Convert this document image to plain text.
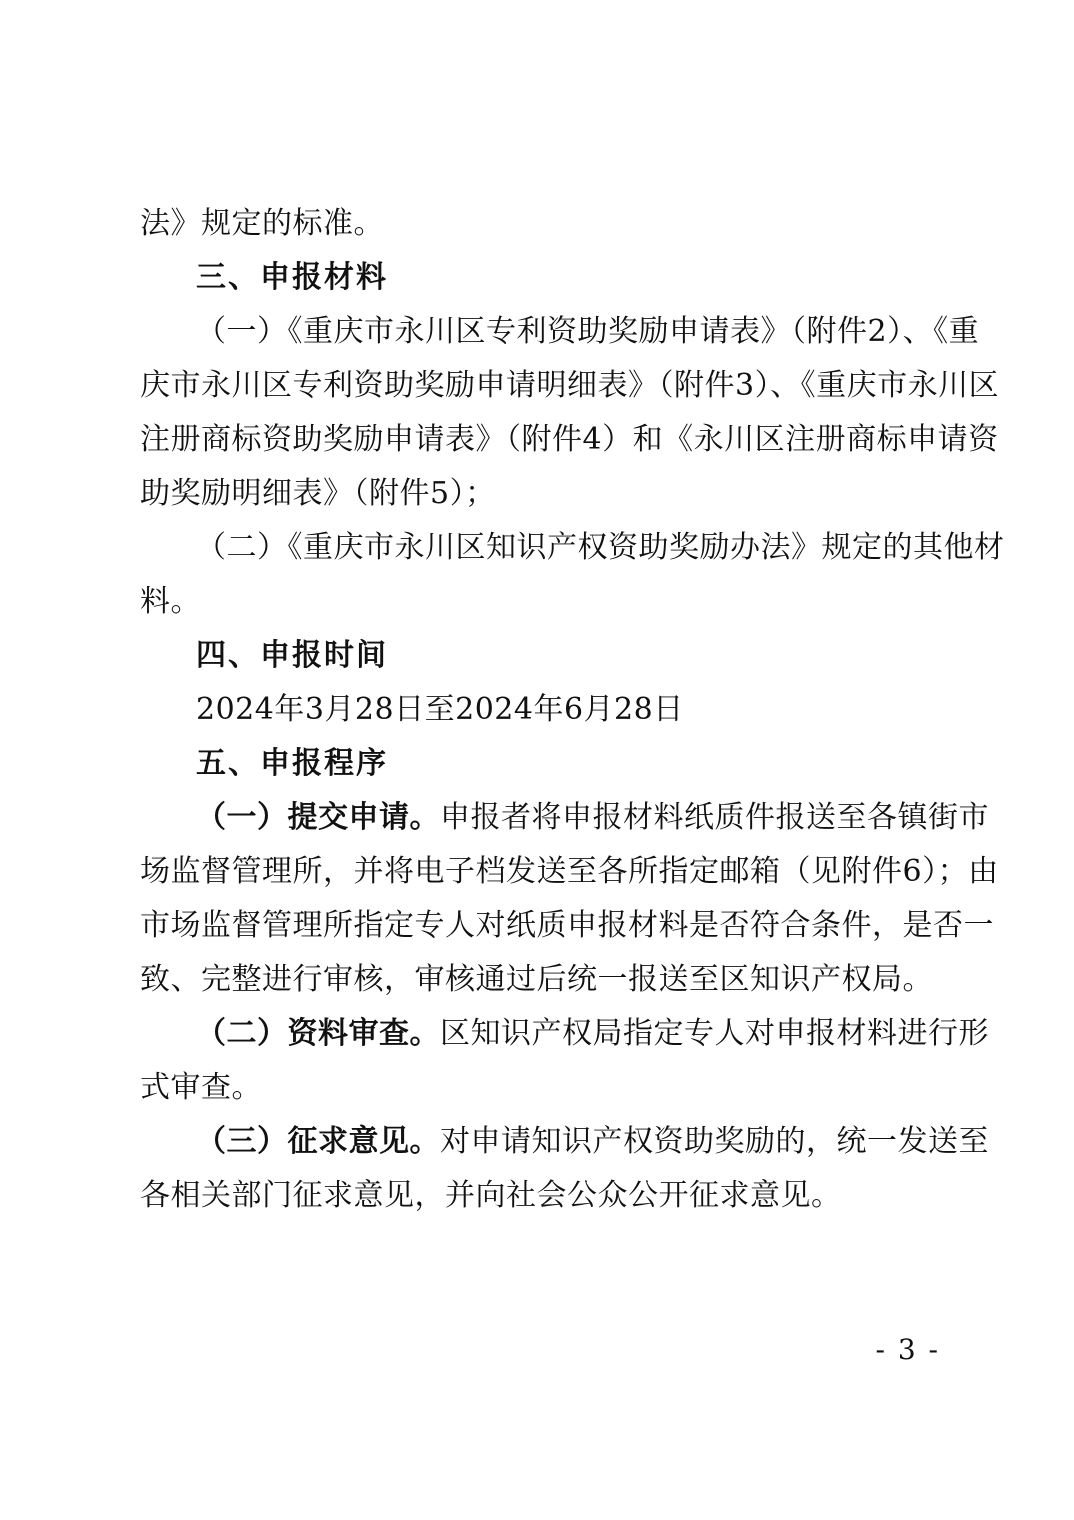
法》规定的标准。
三、申报材料
（一）《重庆市永川区专利资助奖励申请表》（附件2）、《重
庆市永川区专利资助奖励申请明细表》（附件3）、《重庆市永川区
注册商标资助奖励申请表》（附件4）和《永川区注册商标申请资
助奖励明细表》（附件5）；
（二）《重庆市永川区知识产权资助奖励办法》规定的其他材
料。
四、申报时间
2024年3月28日至2024年6月28日
五、申报程序
（一）提交申请。申报者将申报材料纸质件报送至各镇街市
场监督管理所，并将电子档发送至各所指定邮箱（见附件6）；由
市场监督管理所指定专人对纸质申报材料是否符合条件，是否一
致、完整进行审核，审核通过后统一报送至区知识产权局。
（二）资料审查。区知识产权局指定专人对申报材料进行形
式审查。
（三）征求意见。对申请知识产权资助奖励的，统一发送至
各相关部门征求意见，并向社会公众公开征求意见。
- 3 -
